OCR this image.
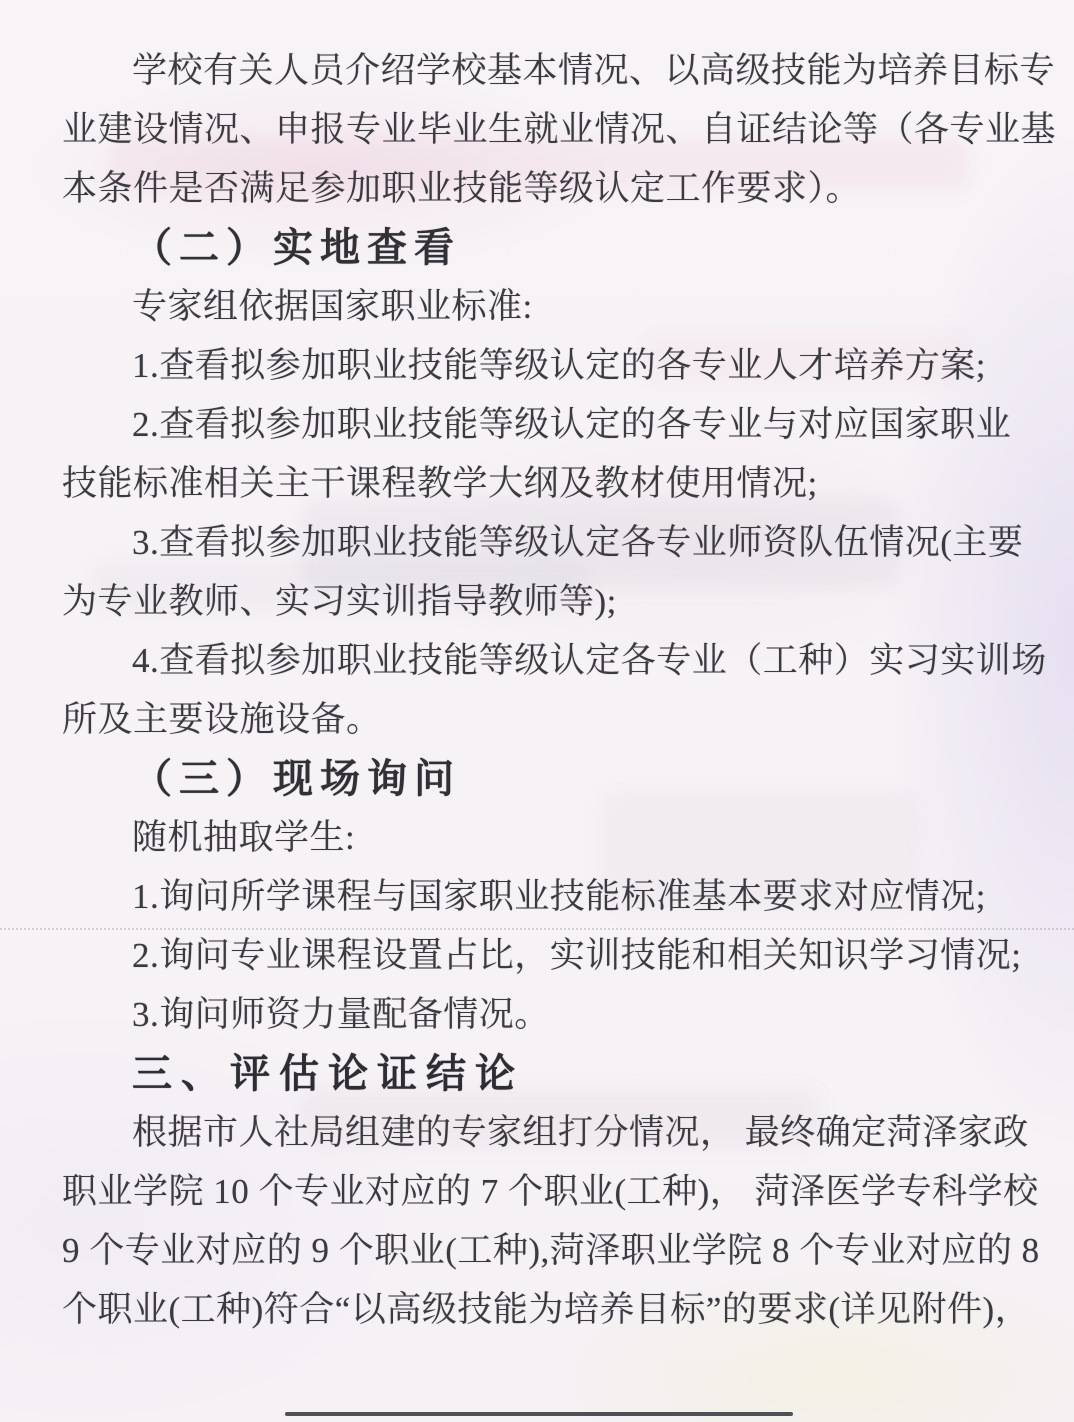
学校有关人员介绍学校基本情况、以高级技能为培养目标专
业建设情况、申报专业毕业生就业情况、自证结论等（各专业基
本条件是否满足参加职业技能等级认定工作要求）。
（二）实地查看
专家组依据国家职业标准:
1.查看拟参加职业技能等级认定的各专业人才培养方案;
2.查看拟参加职业技能等级认定的各专业与对应国家职业
技能标准相关主干课程教学大纲及教材使用情况;
3.查看拟参加职业技能等级认定各专业师资队伍情况(主要
为专业教师、实习实训指导教师等);
4.查看拟参加职业技能等级认定各专业（工种）实习实训场
所及主要设施设备。
（三）现场询问
随机抽取学生:
1.询问所学课程与国家职业技能标准基本要求对应情况;
2.询问专业课程设置占比，实训技能和相关知识学习情况;
3.询问师资力量配备情况。
三、评估论证结论
根据市人社局组建的专家组打分情况， 最终确定菏泽家政
职业学院 10 个专业对应的 7 个职业(工种)， 菏泽医学专科学校
9 个专业对应的 9 个职业(工种),菏泽职业学院 8 个专业对应的 8
个职业(工种)符合“以高级技能为培养目标”的要求(详见附件)，
